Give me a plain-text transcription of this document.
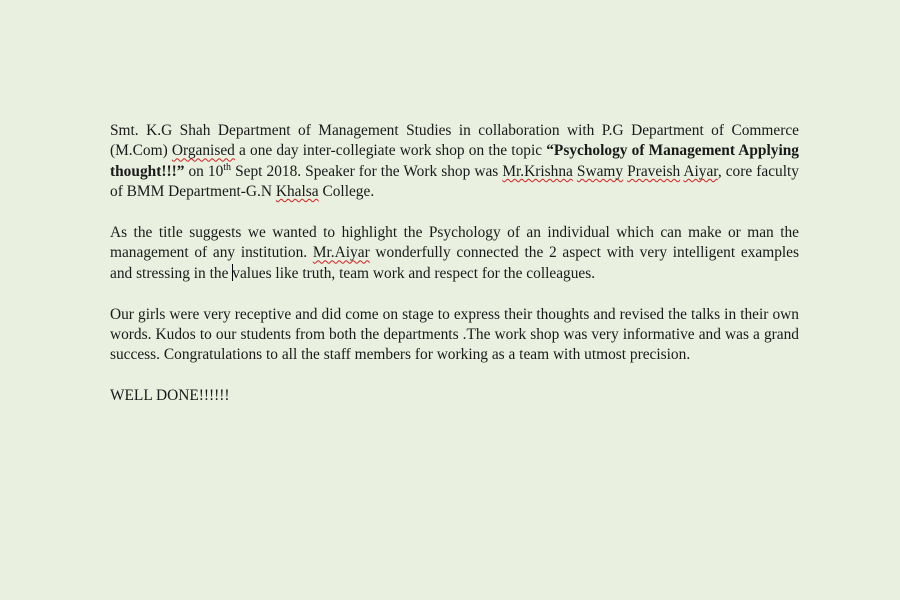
Smt. K.G Shah Department of Management Studies in collaboration with P.G Department of Commerce (M.Com) Organised a one day inter-collegiate work shop on the topic “Psychology of Management Applying thought!!!” on 10th Sept 2018. Speaker for the Work shop was Mr.Krishna Swamy Praveish Aiyar, core faculty of BMM Department-G.N Khalsa College.

As the title suggests we wanted to highlight the Psychology of an individual which can make or man the management of any institution. Mr.Aiyar wonderfully connected the 2 aspect with very intelligent examples and stressing in the values like truth, team work and respect for the colleagues.

Our girls were very receptive and did come on stage to express their thoughts and revised the talks in their own words. Kudos to our students from both the departments .The work shop was very informative and was a grand success. Congratulations to all the staff members for working as a team with utmost precision.

WELL DONE!!!!!!
